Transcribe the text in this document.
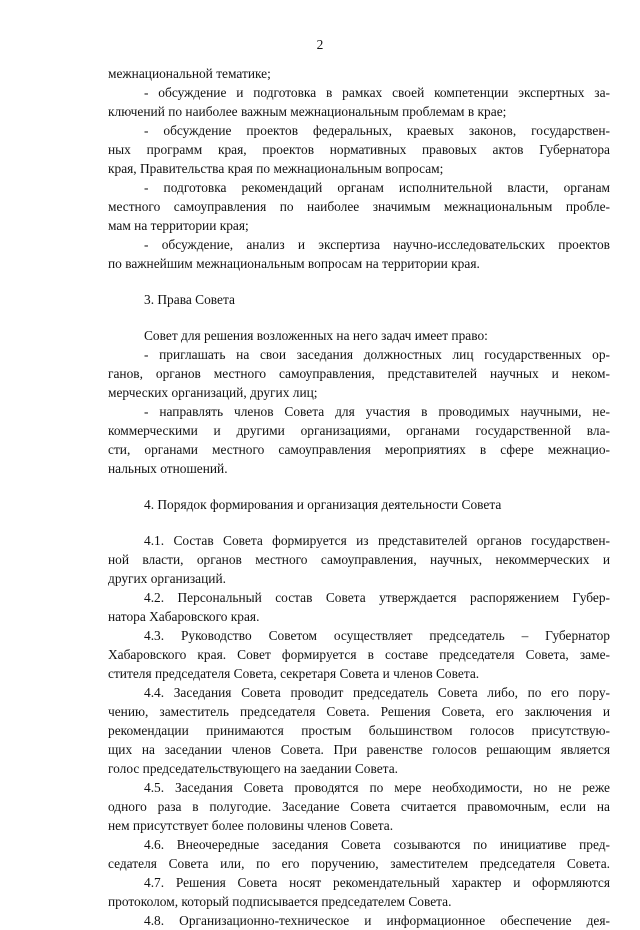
2
межнациональной тематике;
- обсуждение и подготовка в рамках своей компетенции экспертных за-
ключений по наиболее важным межнациональным проблемам в крае;
- обсуждение проектов федеральных, краевых законов, государствен-
ных программ края, проектов нормативных правовых актов Губернатора
края, Правительства края по межнациональным вопросам;
- подготовка рекомендаций органам исполнительной власти, органам
местного самоуправления по наиболее значимым межнациональным пробле-
мам на территории края;
- обсуждение, анализ и экспертиза научно-исследовательских проектов
по важнейшим межнациональным вопросам на территории края.
3. Права Совета
Совет для решения возложенных на него задач имеет право:
- приглашать на свои заседания должностных лиц государственных ор-
ганов, органов местного самоуправления, представителей научных и неком-
мерческих организаций, других лиц;
- направлять членов Совета для участия в проводимых научными, не-
коммерческими и другими организациями, органами государственной вла-
сти, органами местного самоуправления мероприятиях в сфере межнацио-
нальных отношений.
4. Порядок формирования и организация деятельности Совета
4.1. Состав Совета формируется из представителей органов государствен-
ной власти, органов местного самоуправления, научных, некоммерческих и
других организаций.
4.2. Персональный состав Совета утверждается распоряжением Губер-
натора Хабаровского края.
4.3. Руководство Советом осуществляет председатель – Губернатор
Хабаровского края. Совет формируется в составе председателя Совета, заме-
стителя председателя Совета, секретаря Совета и членов Совета.
4.4. Заседания Совета проводит председатель Совета либо, по его пору-
чению, заместитель председателя Совета. Решения Совета, его заключения и
рекомендации принимаются простым большинством голосов присутствую-
щих на заседании членов Совета. При равенстве голосов решающим является
голос председательствующего на заедании Совета.
4.5. Заседания Совета проводятся по мере необходимости, но не реже
одного раза в полугодие. Заседание Совета считается правомочным, если на
нем присутствует более половины членов Совета.
4.6. Внеочередные заседания Совета созываются по инициативе пред-
седателя Совета или, по его поручению, заместителем председателя Совета.
4.7. Решения Совета носят рекомендательный характер и оформляются
протоколом, который подписывается председателем Совета.
4.8. Организационно-техническое и информационное обеспечение дея-
